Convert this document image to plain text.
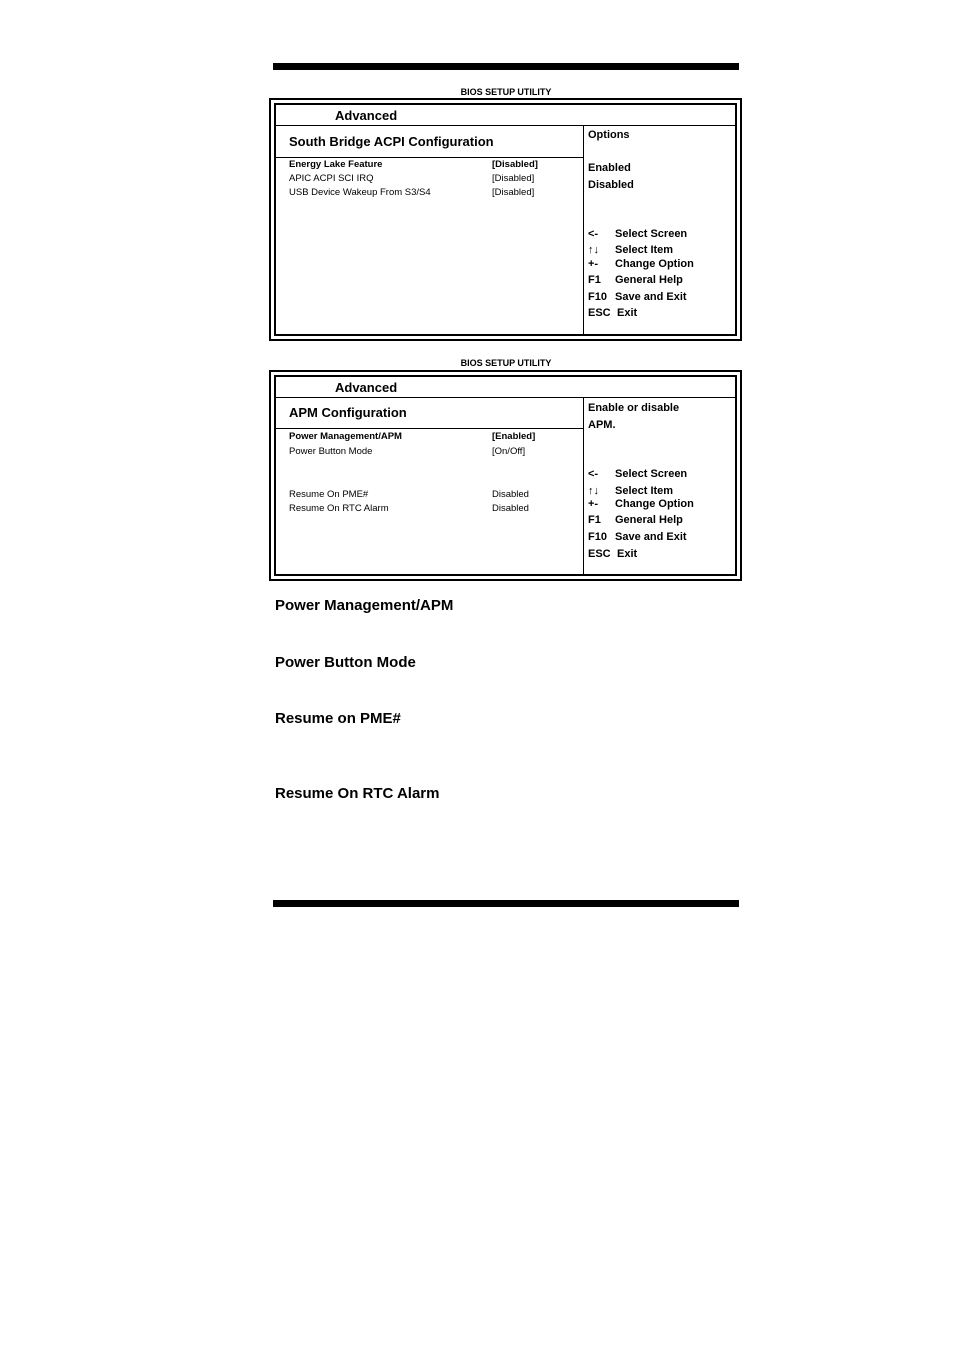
BIOS SETUP UTILITY
Advanced
South Bridge ACPI Configuration
Energy Lake Feature	[Disabled]
APIC ACPI SCI IRQ	[Disabled]
USB Device Wakeup From S3/S4	[Disabled]
Options
Enabled
Disabled
<- Select Screen
↑↓ Select Item
+- Change Option
F1 General Help
F10 Save and Exit
ESC Exit
BIOS SETUP UTILITY
Advanced
APM Configuration
Power Management/APM	[Enabled]
Power Button Mode	[On/Off]
Resume On PME#	Disabled
Resume On RTC Alarm	Disabled
Enable or disable
APM.
<- Select Screen
↑↓ Select Item
+- Change Option
F1 General Help
F10 Save and Exit
ESC Exit
Power Management/APM
Power Button Mode
Resume on PME#
Resume On RTC Alarm
